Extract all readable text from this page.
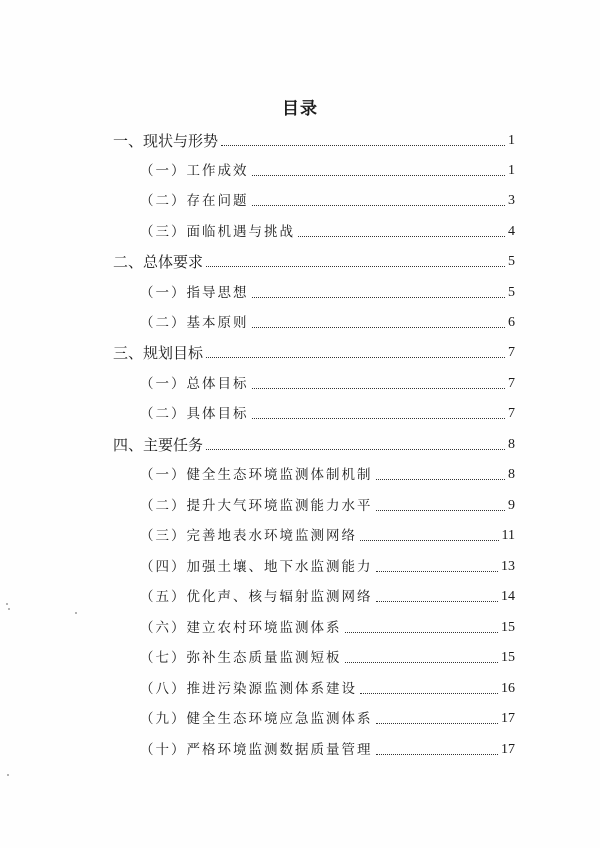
目录
一、现状与形势	1
（一）工作成效	1
（二）存在问题	3
（三）面临机遇与挑战	4
二、总体要求	5
（一）指导思想	5
（二）基本原则	6
三、规划目标	7
（一）总体目标	7
（二）具体目标	7
四、主要任务	8
（一）健全生态环境监测体制机制	8
（二）提升大气环境监测能力水平	9
（三）完善地表水环境监测网络	11
（四）加强土壤、地下水监测能力	13
（五）优化声、核与辐射监测网络	14
（六）建立农村环境监测体系	15
（七）弥补生态质量监测短板	15
（八）推进污染源监测体系建设	16
（九）健全生态环境应急监测体系	17
（十）严格环境监测数据质量管理	17
